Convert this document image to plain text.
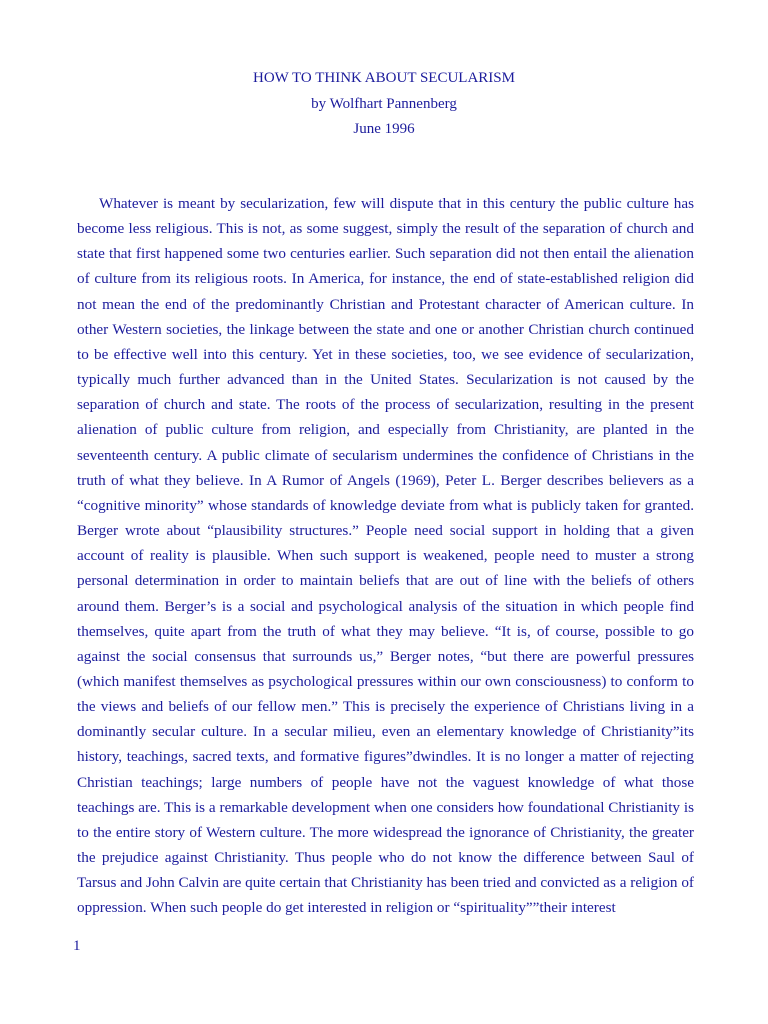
HOW TO THINK ABOUT SECULARISM
by Wolfhart Pannenberg
June 1996

Whatever is meant by secularization, few will dispute that in this century the public culture has become less religious. This is not, as some suggest, simply the result of the separation of church and state that first happened some two centuries earlier. Such separation did not then entail the alienation of culture from its religious roots. In America, for instance, the end of state-established religion did not mean the end of the predominantly Christian and Protestant character of American culture. In other Western societies, the linkage between the state and one or another Christian church continued to be effective well into this century. Yet in these societies, too, we see evidence of secularization, typically much further advanced than in the United States. Secularization is not caused by the separation of church and state. The roots of the process of secularization, resulting in the present alienation of public culture from religion, and especially from Christianity, are planted in the seventeenth century. A public climate of secularism undermines the confidence of Christians in the truth of what they believe. In A Rumor of Angels (1969), Peter L. Berger describes believers as a “cognitive minority” whose standards of knowledge deviate from what is publicly taken for granted. Berger wrote about “plausibility structures.” People need social support in holding that a given account of reality is plausible. When such support is weakened, people need to muster a strong personal determination in order to maintain beliefs that are out of line with the beliefs of others around them. Berger’s is a social and psychological analysis of the situation in which people find themselves, quite apart from the truth of what they may believe. “It is, of course, possible to go against the social consensus that surrounds us,” Berger notes, “but there are powerful pressures (which manifest themselves as psychological pressures within our own consciousness) to conform to the views and beliefs of our fellow men.” This is precisely the experience of Christians living in a dominantly secular culture. In a secular milieu, even an elementary knowledge of Christianity”its history, teachings, sacred texts, and formative figures”dwindles. It is no longer a matter of rejecting Christian teachings; large numbers of people have not the vaguest knowledge of what those teachings are. This is a remarkable development when one considers how foundational Christianity is to the entire story of Western culture. The more widespread the ignorance of Christianity, the greater the prejudice against Christianity. Thus people who do not know the difference between Saul of Tarsus and John Calvin are quite certain that Christianity has been tried and convicted as a religion of oppression. When such people do get interested in religion or “spirituality””their interest

1
